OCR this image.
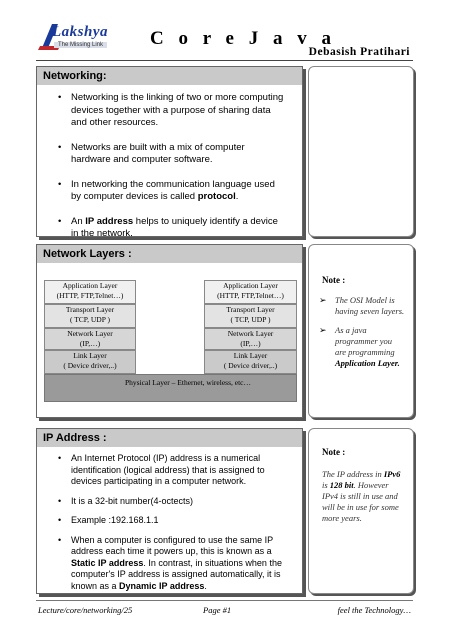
Lakshya
The Missing Link C o r e J a v a
Debasish Pratihari
Networking:
• Networking is the linking of two or more computing devices together with a purpose of sharing data and other resources.
• Networks are built with a mix of computer hardware and computer software.
• In networking the communication language used by computer devices is called protocol.
• An IP address helps to uniquely identify a device in the network.
Network Layers :
Application Layer
(HTTP, FTP,Telnet…)
Transport Layer
( TCP, UDP )
Network Layer
(IP,…)
Link Layer
( Device driver,..)
Application Layer
(HTTP, FTP,Telnet…)
Transport Layer
( TCP, UDP )
Network Layer
(IP,…)
Link Layer
( Device driver,..)
Physical Layer – Ethernet, wireless, etc…
Note :
➢ The OSI Model is having seven layers.
➢ As a java programmer you are programming
Application Layer.
IP Address :
• An Internet Protocol (IP) address is a numerical identification (logical address) that is assigned to devices participating in a computer network.
• It is a 32-bit number(4-octects)
• Example :192.168.1.1
• When a computer is configured to use the same IP address each time it powers up, this is known as a Static IP address. In contrast, in situations when the computer's IP address is assigned automatically, it is known as a Dynamic IP address.
Note :
The IP address in IPv6 is 128 bit. However IPv4 is still in use and will be in use for some more years.
Lecture/core/networking/25	Page #1	feel the Technology…
